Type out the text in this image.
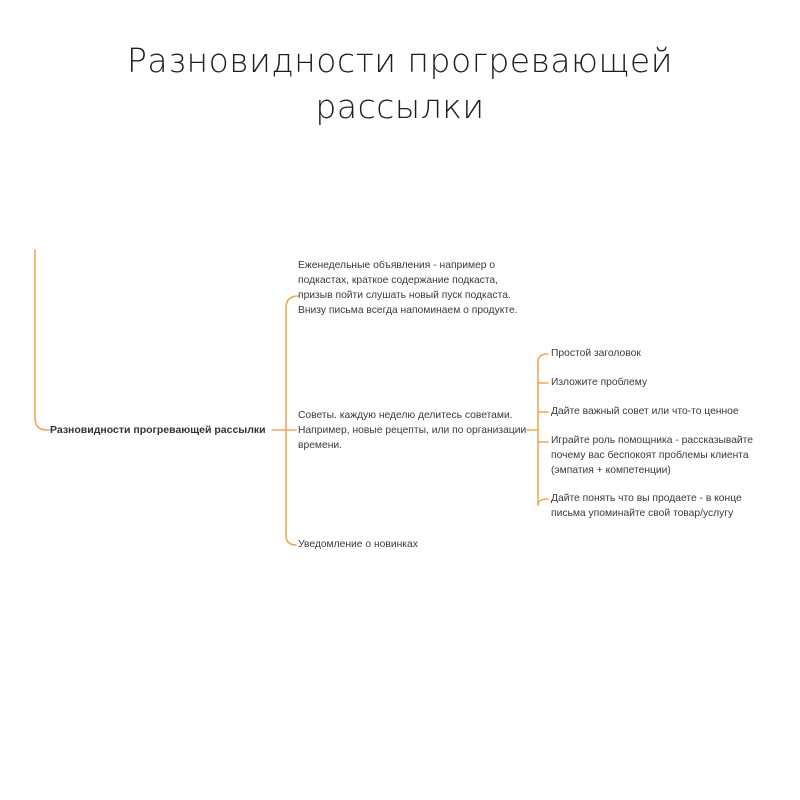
Разновидности прогревающей
рассылки
Разновидности прогревающей рассылки
Еженедельные объявления - например о подкастах, краткое содержание подкаста, призыв пойти слушать новый пуск подкаста. Внизу письма всегда напоминаем о продукте.
Советы. каждую неделю делитесь советами. Например, новые рецепты, или по организации времени.
Уведомление о новинках
Простой заголовок
Изложите проблему
Дайте важный совет или что-то ценное
Играйте роль помощника - рассказывайте почему вас беспокоят проблемы клиента (эмпатия + компетенции)
Дайте понять что вы продаете - в конце письма упоминайте свой товар/услугу
